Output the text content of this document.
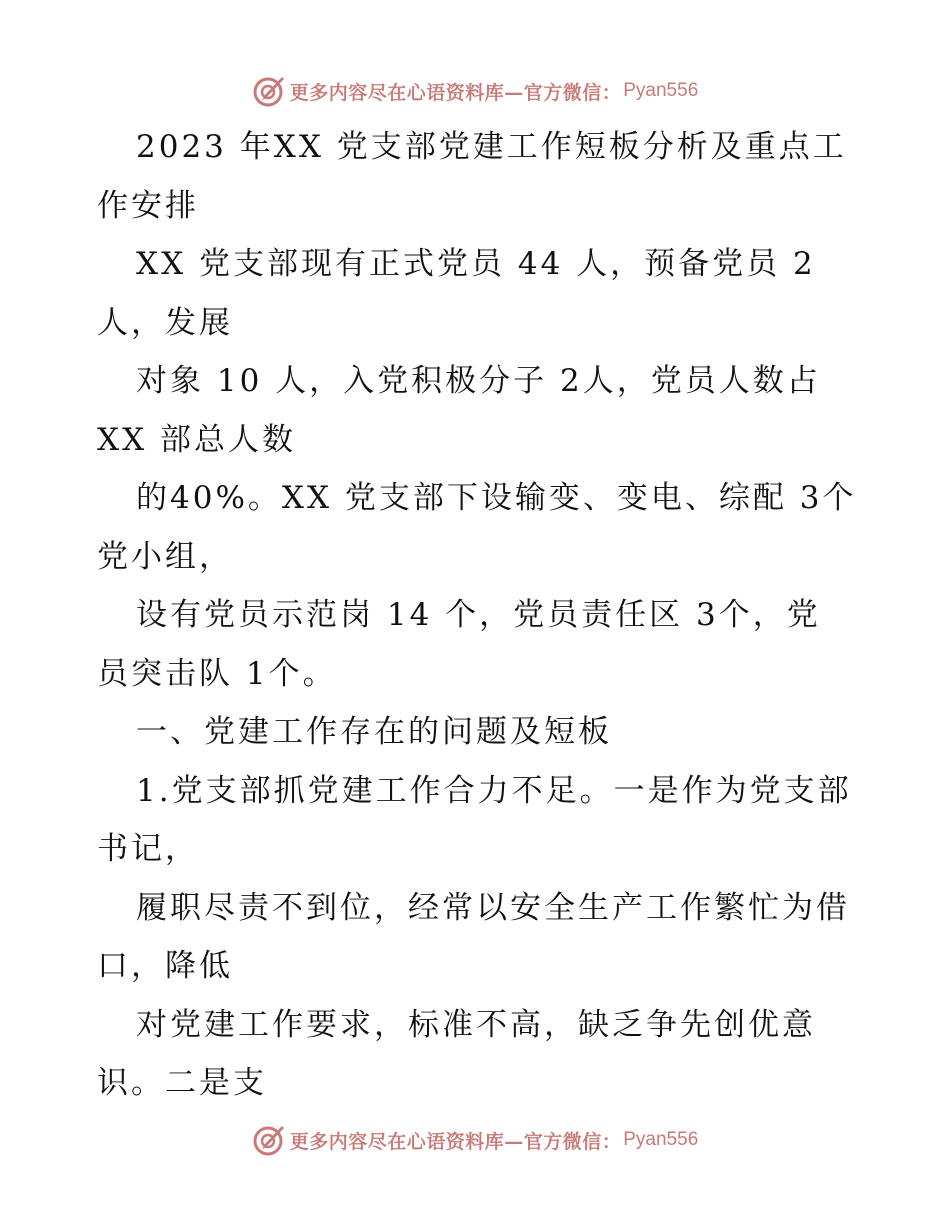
更多内容尽在心语资料库—官方微信： Pyan556

2023 年XX 党支部党建工作短板分析及重点工
作安排

XX 党支部现有正式党员 44 人，预备党员 2
人，发展

对象 10 人，入党积极分子 2人，党员人数占
XX 部总人数

的40%。XX 党支部下设输变、变电、综配 3个
党小组，

设有党员示范岗 14 个，党员责任区 3个，党
员突击队 1个。

一、党建工作存在的问题及短板

1.党支部抓党建工作合力不足。一是作为党支部
书记，

履职尽责不到位，经常以安全生产工作繁忙为借
口，降低

对党建工作要求，标准不高，缺乏争先创优意
识。二是支

更多内容尽在心语资料库—官方微信： Pyan556
